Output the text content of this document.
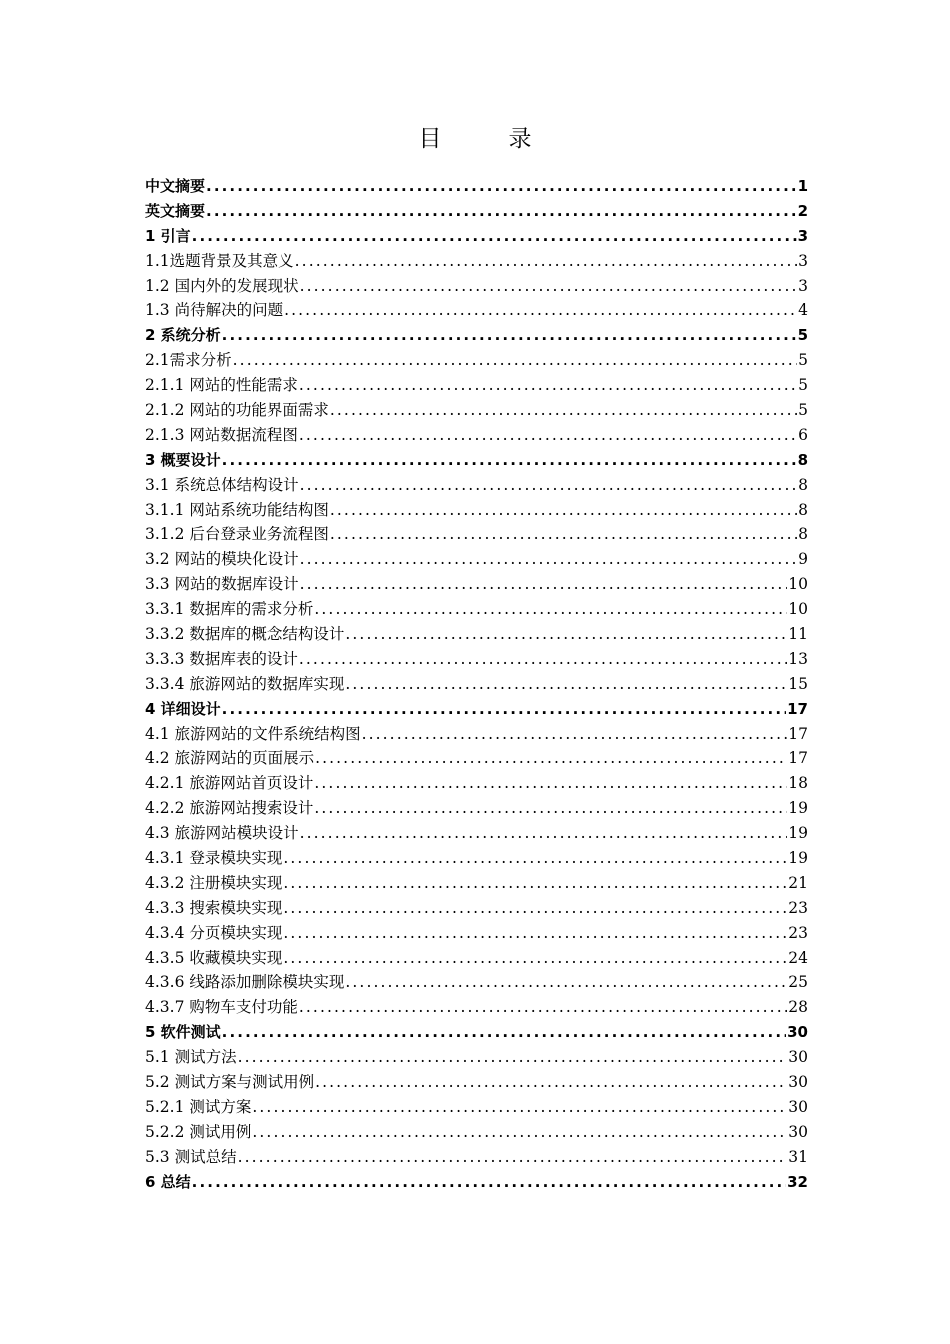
目　录
中文摘要 .....	1
英文摘要 .....	2
1 引言 .....	3
1.1选题背景及其意义 .....	3
1.2 国内外的发展现状 .....	3
1.3 尚待解决的问题 .....	4
2 系统分析 .....	5
2.1需求分析 .....	5
2.1.1 网站的性能需求 .....	5
2.1.2 网站的功能界面需求 .....	5
2.1.3 网站数据流程图 .....	6
3 概要设计 .....	8
3.1 系统总体结构设计 .....	8
3.1.1 网站系统功能结构图 .....	8
3.1.2 后台登录业务流程图 .....	8
3.2 网站的模块化设计 .....	9
3.3 网站的数据库设计 .....	10
3.3.1 数据库的需求分析 .....	10
3.3.2 数据库的概念结构设计 .....	11
3.3.3 数据库表的设计 .....	13
3.3.4 旅游网站的数据库实现 .....	15
4 详细设计 .....	17
4.1 旅游网站的文件系统结构图 .....	17
4.2 旅游网站的页面展示 .....	17
4.2.1 旅游网站首页设计 .....	18
4.2.2 旅游网站搜索设计 .....	19
4.3 旅游网站模块设计 .....	19
4.3.1 登录模块实现 .....	19
4.3.2 注册模块实现 .....	21
4.3.3 搜索模块实现 .....	23
4.3.4 分页模块实现 .....	23
4.3.5 收藏模块实现 .....	24
4.3.6 线路添加删除模块实现 .....	25
4.3.7 购物车支付功能 .....	28
5 软件测试 .....	30
5.1 测试方法 .....	30
5.2 测试方案与测试用例 .....	30
5.2.1 测试方案 .....	30
5.2.2 测试用例 .....	30
5.3 测试总结 .....	31
6 总结 .....	32
